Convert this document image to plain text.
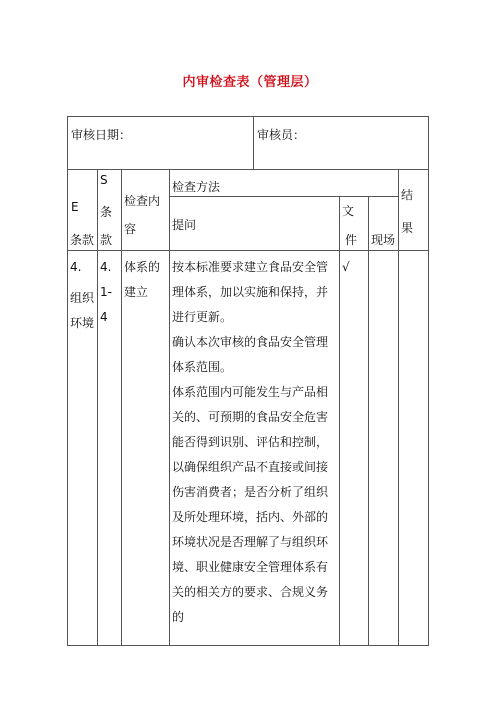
内审检查表（管理层）
审核日期：	审核员：
E
条款
S
条
款
检查内
容
检查方法
提问
文
件 现场
结
果
4.
组织
环境
4.
1-
4
体系的
建立
按本标准要求建立食品安全管
理体系，加以实施和保持，并
进行更新。
确认本次审核的食品安全管理
体系范围。
体系范围内可能发生与产品相
关的、可预期的食品安全危害
能否得到识别、评估和控制，
以确保组织产品不直接或间接
伤害消费者；是否分析了组织
及所处理环境，括内、外部的
环境状况是否理解了与组织环
境、职业健康安全管理体系有
关的相关方的要求、合规义务
的
√
